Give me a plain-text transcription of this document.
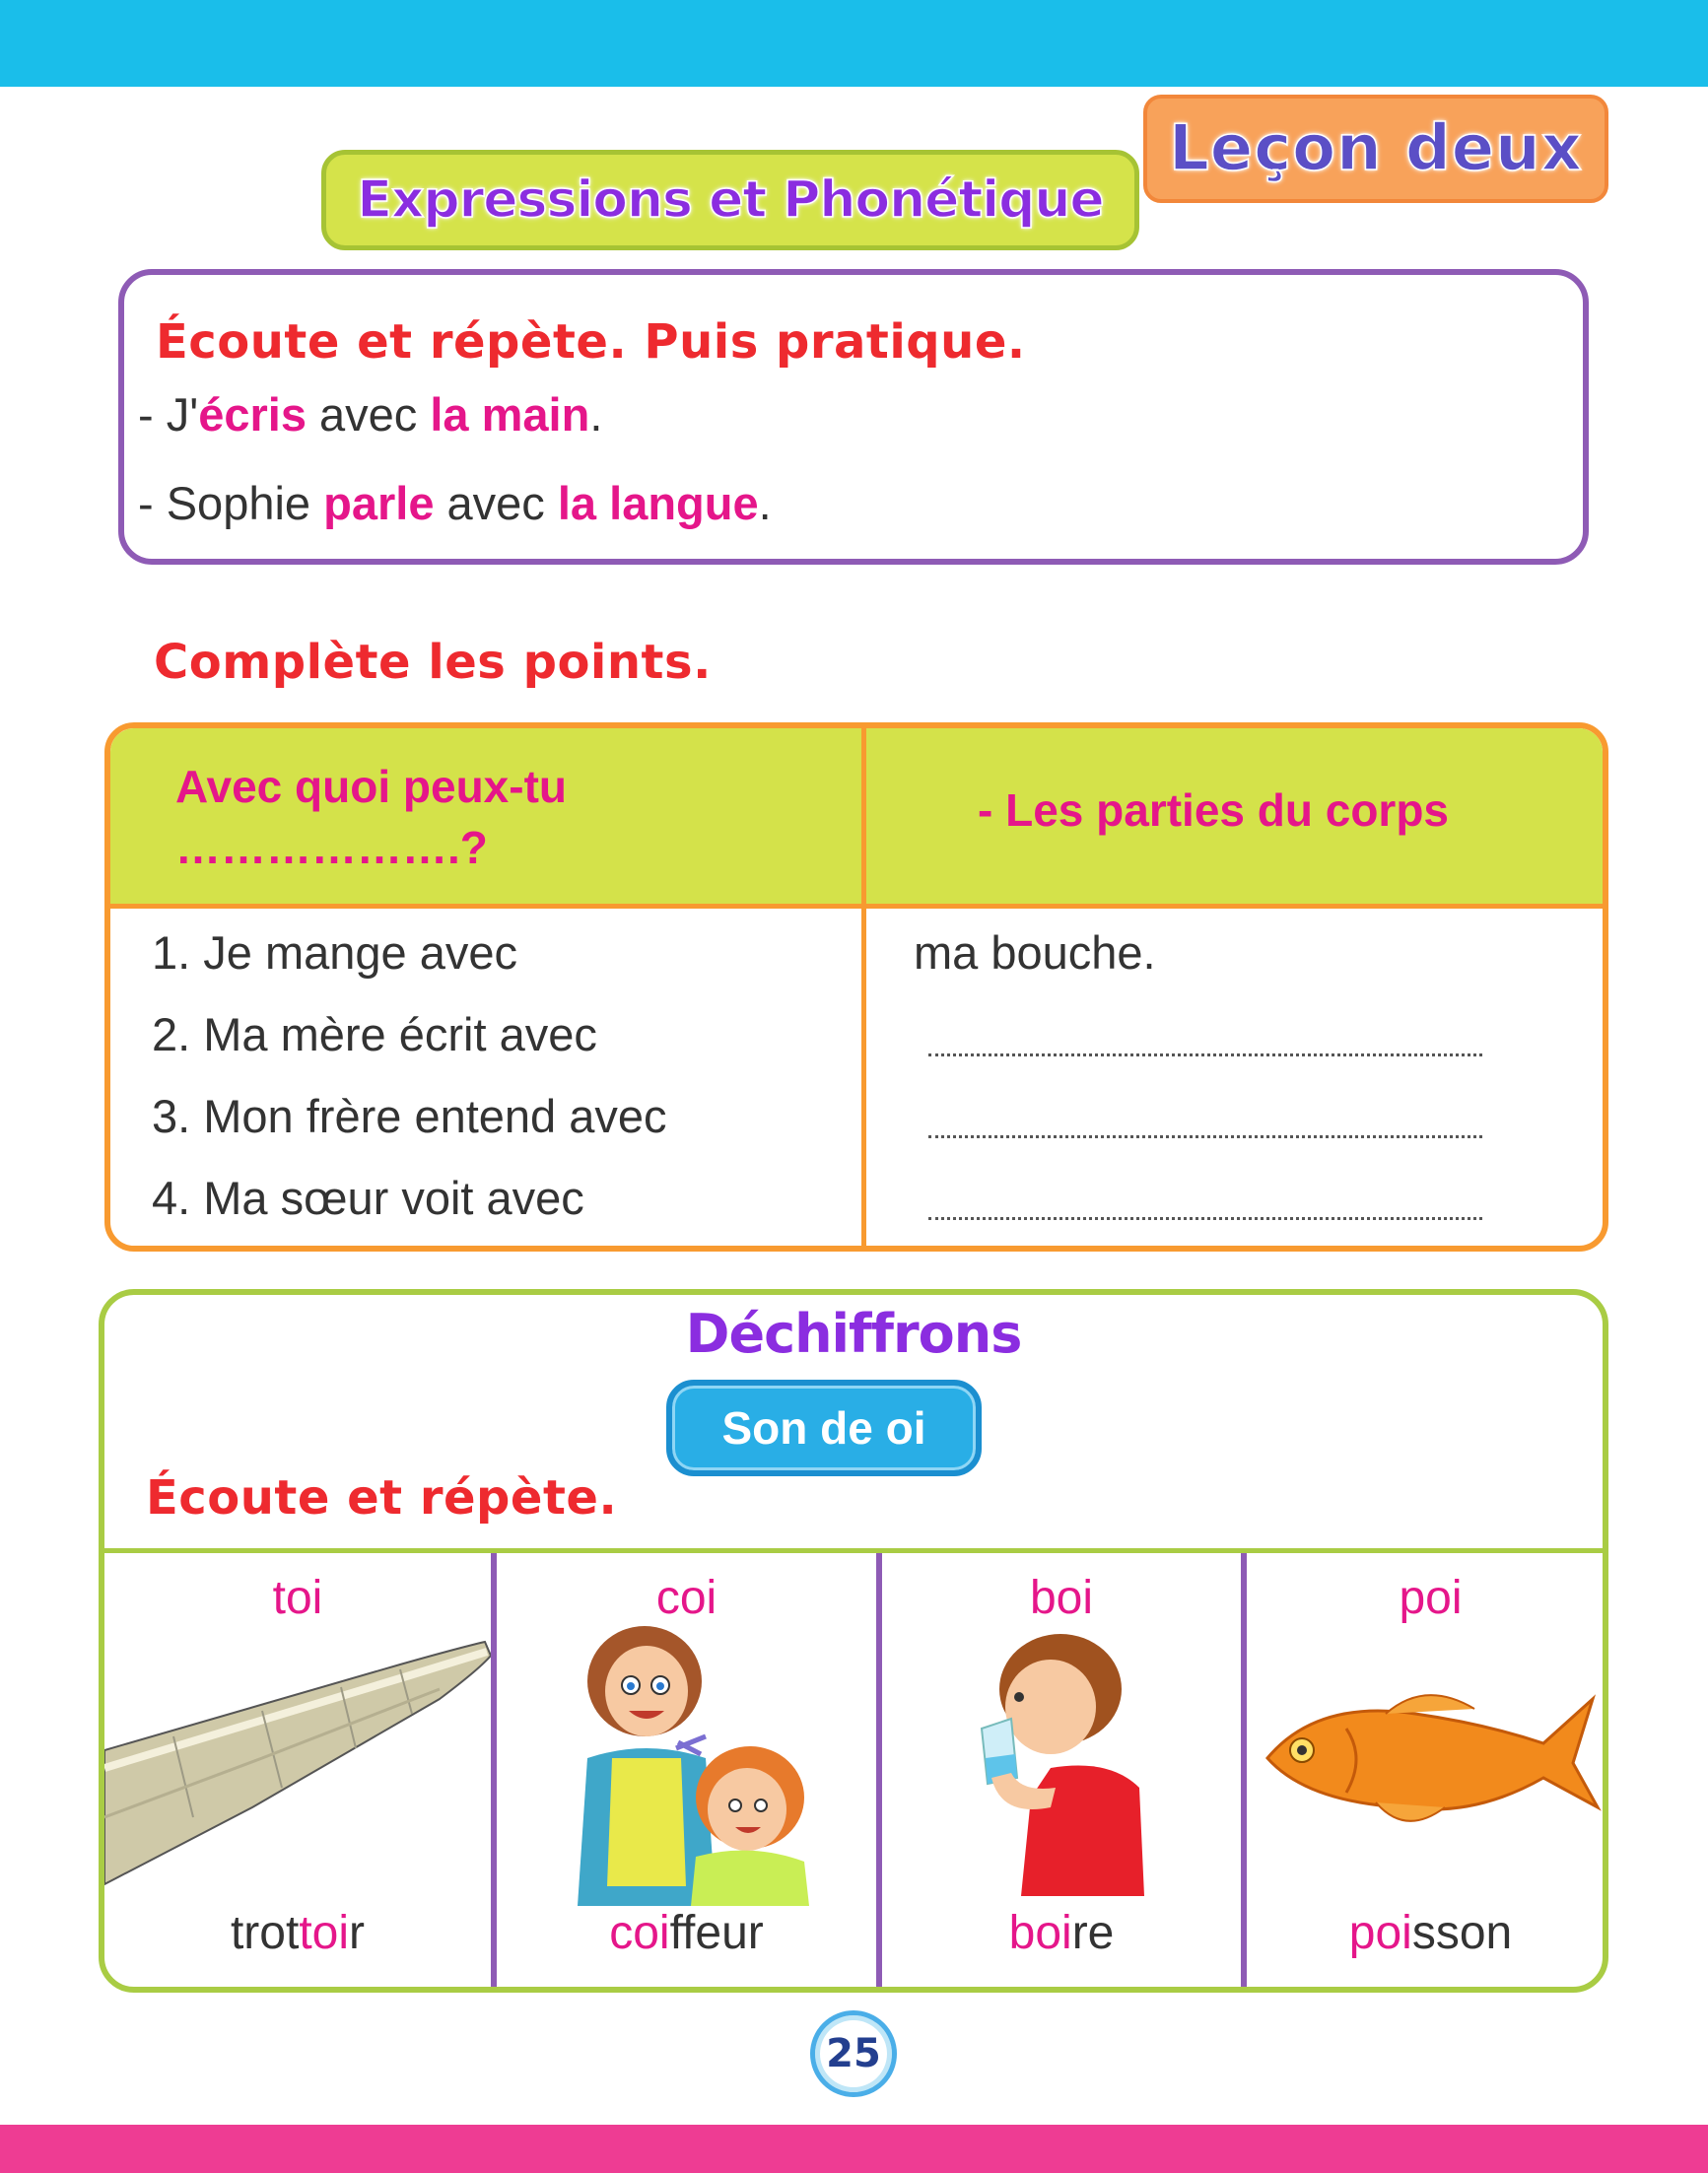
Expressions et Phonétique
Leçon deux
Écoute et répète. Puis pratique.
- J'écris avec la main.
- Sophie parle avec la langue.
Complète les points.
Avec quoi peux-tu
……………….?
- Les parties du corps
1. Je mange avec
2. Ma mère écrit avec
3. Mon frère entend avec
4. Ma sœur voit avec
ma bouche.
Déchiffrons
Son de oi
Écoute et répète.
toi
trottoir
coi
coiffeur
boi
boire
poi
poisson
25
